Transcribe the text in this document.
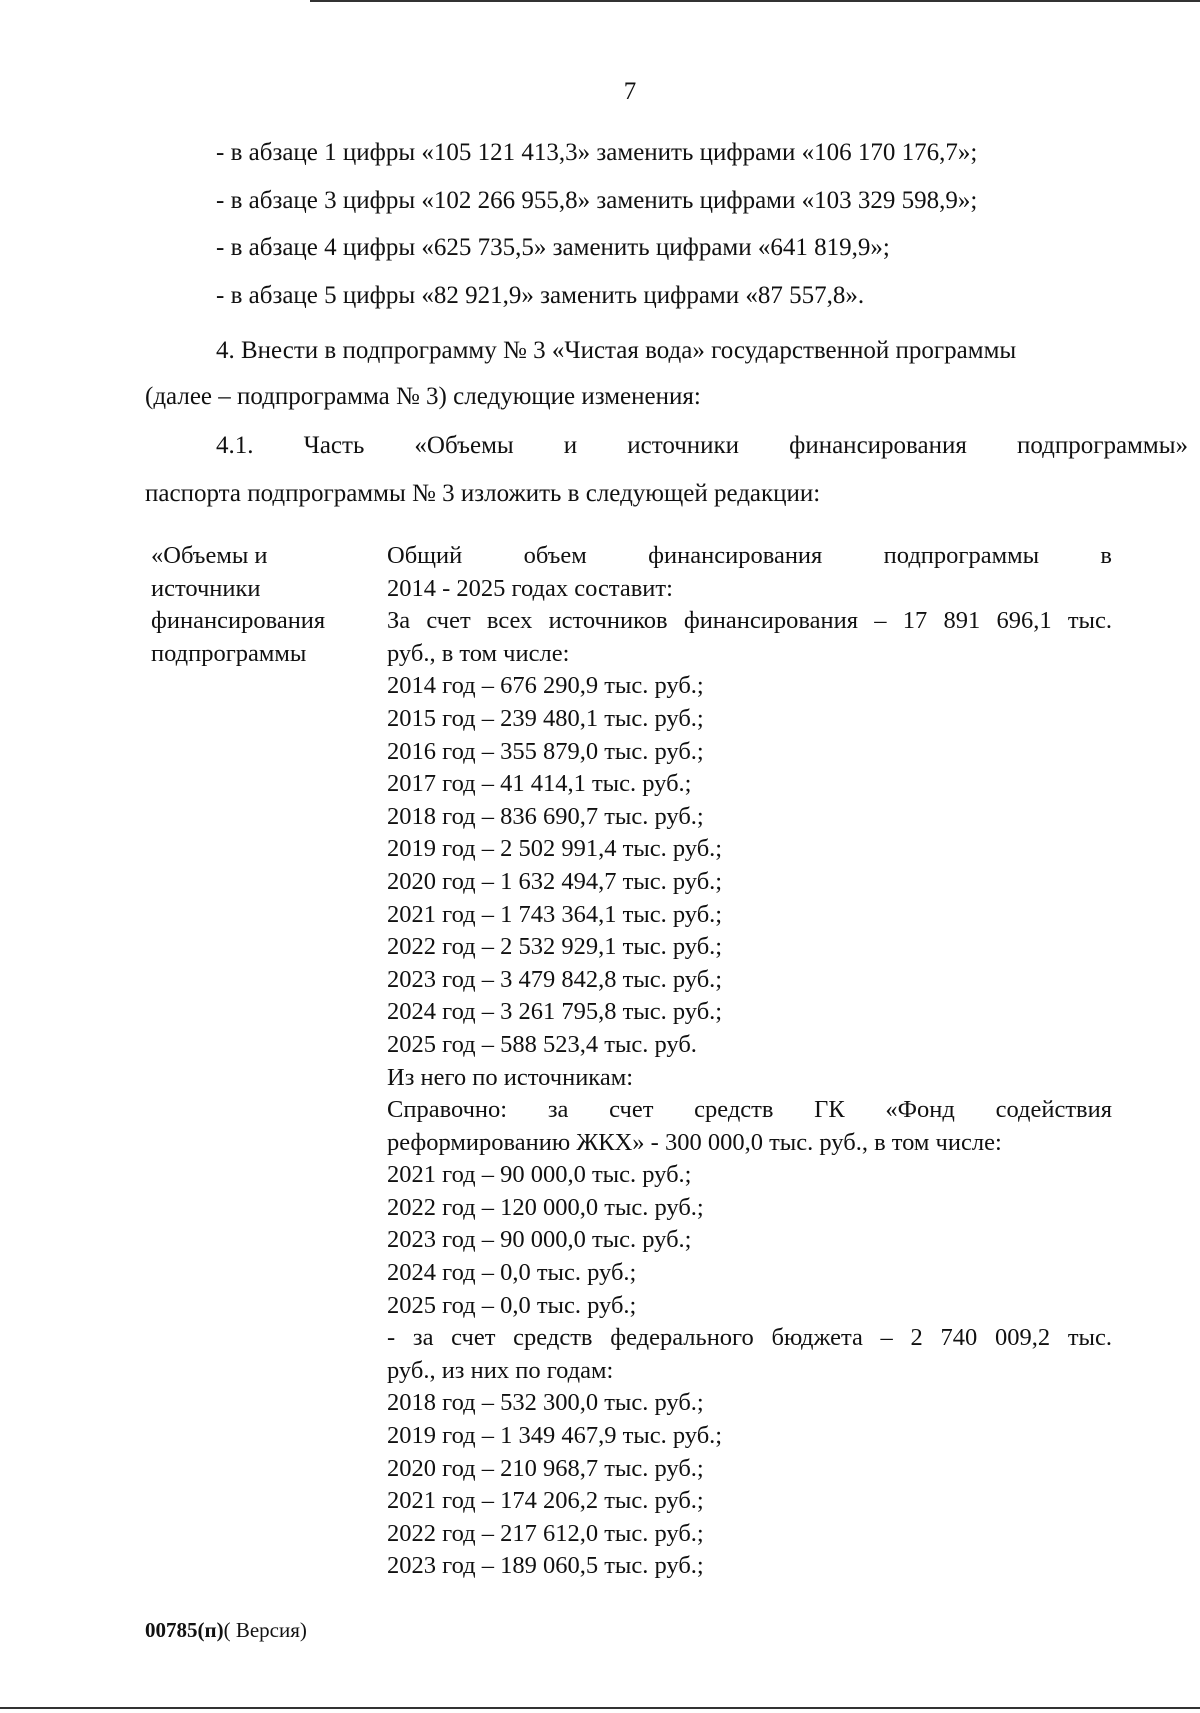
7
- в абзаце 1 цифры «105 121 413,3» заменить цифрами «106 170 176,7»;
- в абзаце 3 цифры «102 266 955,8» заменить цифрами «103 329 598,9»;
- в абзаце 4 цифры «625 735,5» заменить цифрами «641 819,9»;
- в абзаце 5 цифры «82 921,9» заменить цифрами «87 557,8».
4. Внести в подпрограмму № 3 «Чистая вода» государственной программы
(далее – подпрограмма № 3) следующие изменения:
4.1. Часть «Объемы и источники финансирования подпрограммы»
паспорта подпрограммы № 3 изложить в следующей редакции:
«Объемы и
источники
финансирования
подпрограммы
Общий объем финансирования подпрограммы в
2014 - 2025 годах составит:
За счет всех источников финансирования – 17 891 696,1 тыс.
руб., в том числе:
2014 год – 676 290,9 тыс. руб.;
2015 год – 239 480,1 тыс. руб.;
2016 год – 355 879,0 тыс. руб.;
2017 год – 41 414,1 тыс. руб.;
2018 год – 836 690,7 тыс. руб.;
2019 год – 2 502 991,4 тыс. руб.;
2020 год – 1 632 494,7 тыс. руб.;
2021 год – 1 743 364,1 тыс. руб.;
2022 год – 2 532 929,1 тыс. руб.;
2023 год – 3 479 842,8 тыс. руб.;
2024 год – 3 261 795,8 тыс. руб.;
2025 год – 588 523,4 тыс. руб.
Из него по источникам:
Справочно: за счет средств ГК «Фонд содействия
реформированию ЖКХ» - 300 000,0 тыс. руб., в том числе:
2021 год – 90 000,0 тыс. руб.;
2022 год – 120 000,0 тыс. руб.;
2023 год – 90 000,0 тыс. руб.;
2024 год – 0,0 тыс. руб.;
2025 год – 0,0 тыс. руб.;
- за счет средств федерального бюджета – 2 740 009,2 тыс.
руб., из них по годам:
2018 год – 532 300,0 тыс. руб.;
2019 год – 1 349 467,9 тыс. руб.;
2020 год – 210 968,7 тыс. руб.;
2021 год – 174 206,2 тыс. руб.;
2022 год – 217 612,0 тыс. руб.;
2023 год – 189 060,5 тыс. руб.;
00785(п)( Версия)
